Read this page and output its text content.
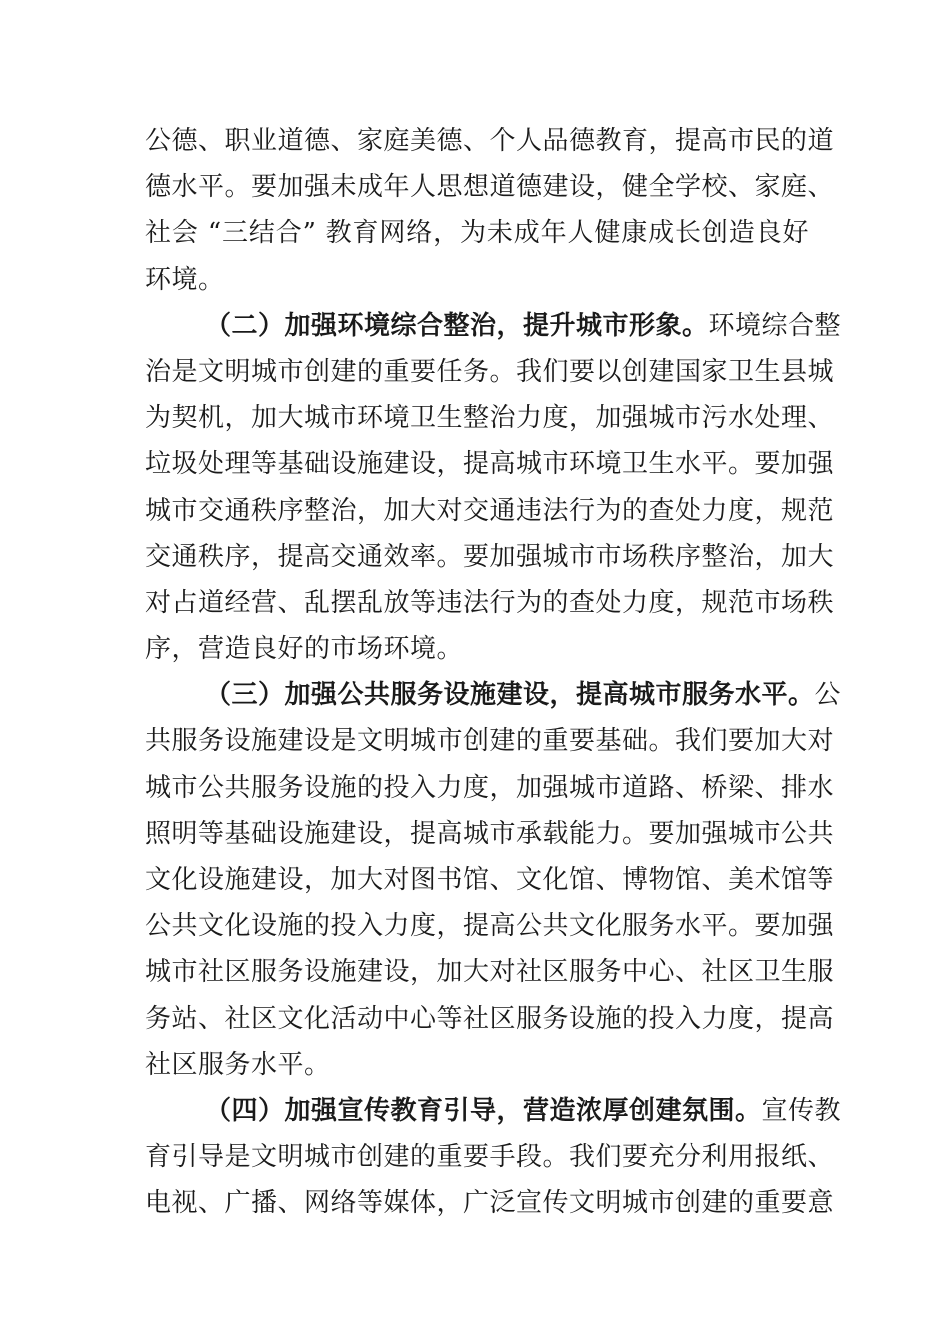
公德、职业道德、家庭美德、个人品德教育，提高市民的道
德水平。要加强未成年人思想道德建设，健全学校、家庭、
社会 “三结合” 教育网络，为未成年人健康成长创造良好
环境。
（二）加强环境综合整治，提升城市形象。环境综合整
治是文明城市创建的重要任务。我们要以创建国家卫生县城
为契机，加大城市环境卫生整治力度，加强城市污水处理、
垃圾处理等基础设施建设，提高城市环境卫生水平。要加强
城市交通秩序整治，加大对交通违法行为的查处力度，规范
交通秩序，提高交通效率。要加强城市市场秩序整治，加大
对占道经营、乱摆乱放等违法行为的查处力度，规范市场秩
序，营造良好的市场环境。
（三）加强公共服务设施建设，提高城市服务水平。公
共服务设施建设是文明城市创建的重要基础。我们要加大对
城市公共服务设施的投入力度，加强城市道路、桥梁、排水
照明等基础设施建设，提高城市承载能力。要加强城市公共
文化设施建设，加大对图书馆、文化馆、博物馆、美术馆等
公共文化设施的投入力度，提高公共文化服务水平。要加强
城市社区服务设施建设，加大对社区服务中心、社区卫生服
务站、社区文化活动中心等社区服务设施的投入力度，提高
社区服务水平。
（四）加强宣传教育引导，营造浓厚创建氛围。宣传教
育引导是文明城市创建的重要手段。我们要充分利用报纸、
电视、广播、网络等媒体，广泛宣传文明城市创建的重要意
